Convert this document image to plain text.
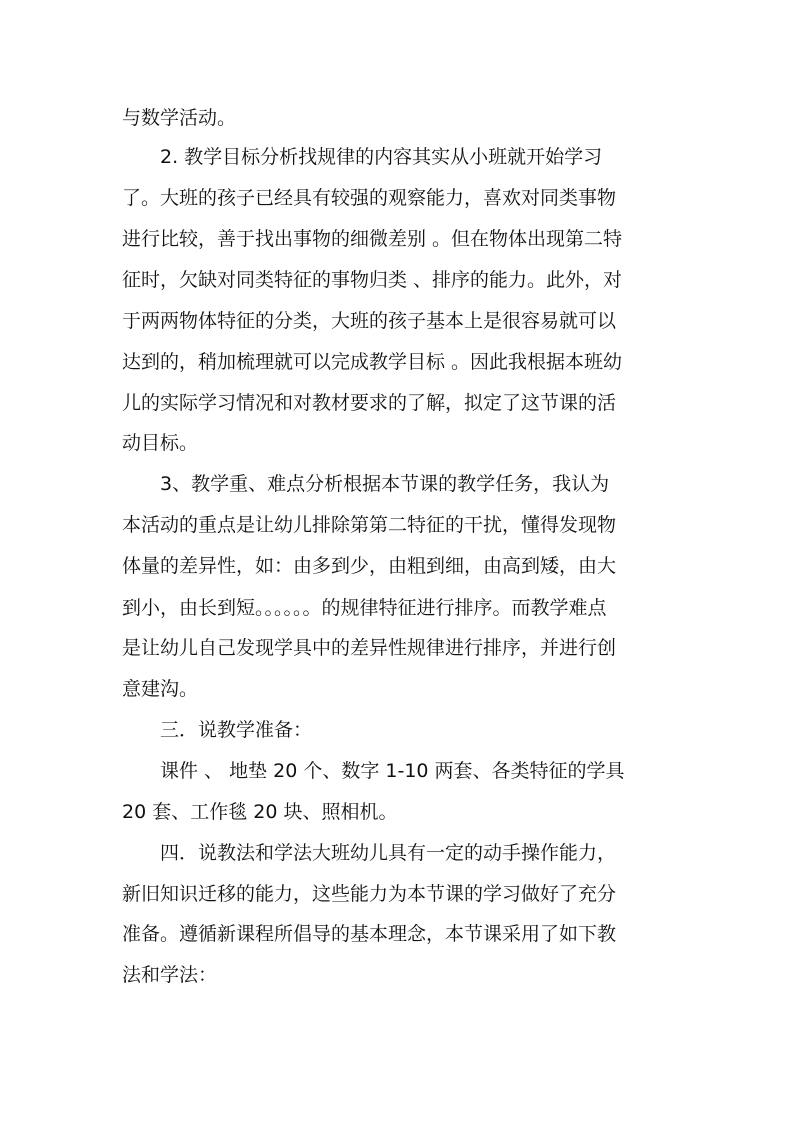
与数学活动。
2. 教学目标分析找规律的内容其实从小班就开始学习
了。大班的孩子已经具有较强的观察能力，喜欢对同类事物
进行比较，善于找出事物的细微差别 。但在物体出现第二特
征时，欠缺对同类特征的事物归类 、排序的能力。此外，对
于两两物体特征的分类，大班的孩子基本上是很容易就可以
达到的，稍加梳理就可以完成教学目标 。因此我根据本班幼
儿的实际学习情况和对教材要求的了解，拟定了这节课的活
动目标。
3、教学重、难点分析根据本节课的教学任务，我认为
本活动的重点是让幼儿排除第第二特征的干扰，懂得发现物
体量的差异性，如：由多到少，由粗到细，由高到矮，由大
到小，由长到短。。。。。。的规律特征进行排序。而教学难点
是让幼儿自己发现学具中的差异性规律进行排序，并进行创
意建沟。
三．说教学准备：
课件 、 地垫 20 个、数字 1-10 两套、各类特征的学具
20 套、工作毯 20 块、照相机。
四．说教法和学法大班幼儿具有一定的动手操作能力，
新旧知识迁移的能力，这些能力为本节课的学习做好了充分
准备。遵循新课程所倡导的基本理念，本节课采用了如下教
法和学法：
